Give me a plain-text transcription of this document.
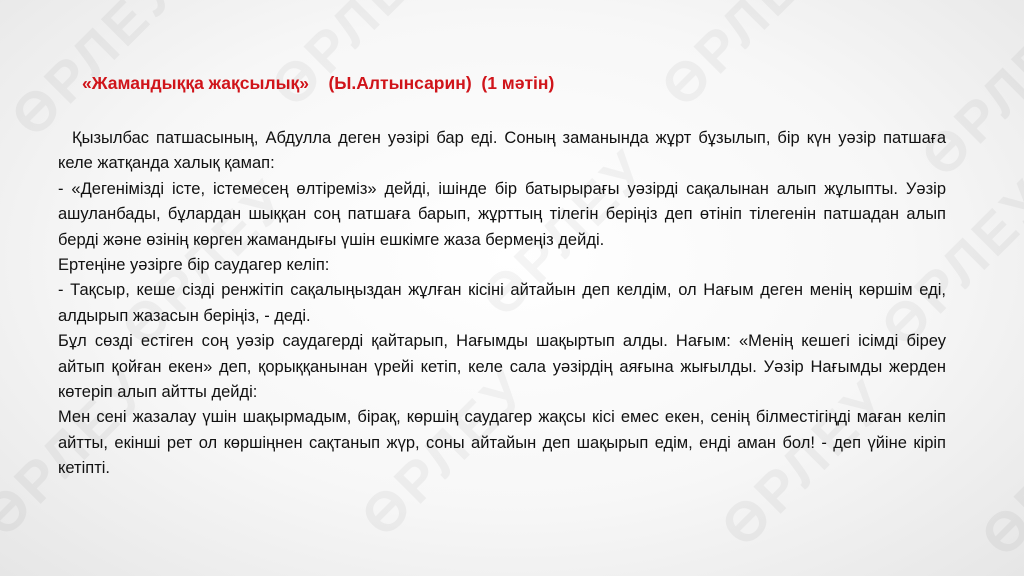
«Жамандыққа жақсылық»    (Ы.Алтынсарин)  (1 мәтін)

Қызылбас патшасының, Абдулла деген уәзірі бар еді. Соның заманында жұрт бұзылып, бір күн уәзір патшаға келе жатқанда халық қамап:

- «Дегенімізді істе, істемесең өлтіреміз» дейді, ішінде бір батырырағы уәзірді сақалынан алып жұлыпты. Уәзір ашуланбады, бұлардан шыққан соң патшаға барып, жұрттың тілегін беріңіз деп өтініп тілегенін патшадан алып берді және өзінің көрген жамандығы үшін ешкімге жаза бермеңіз дейді.

Ертеңіне уәзірге бір саудагер келіп:

- Тақсыр, кеше сізді ренжітіп сақалыңыздан жұлған кісіні айтайын деп келдім, ол Нағым деген менің көршім еді, алдырып жазасын беріңіз, - деді.

Бұл сөзді естіген соң уәзір саудагерді қайтарып, Нағымды шақыртып алды. Нағым: «Менің кешегі ісімді біреу айтып қойған екен» деп, қорыққанынан үрейі кетіп, келе сала уәзірдің аяғына жығылды. Уәзір Нағымды жерден көтеріп алып айтты дейді:

Мен сені жазалау үшін шақырмадым, бірақ, көршің саудагер жақсы кісі емес екен, сенің білместігіңді маған келіп айтты, екінші рет ол көршіңнен сақтанып жүр, соны айтайын деп шақырып едім, енді аман бол! - деп үйіне кіріп кетіпті.
